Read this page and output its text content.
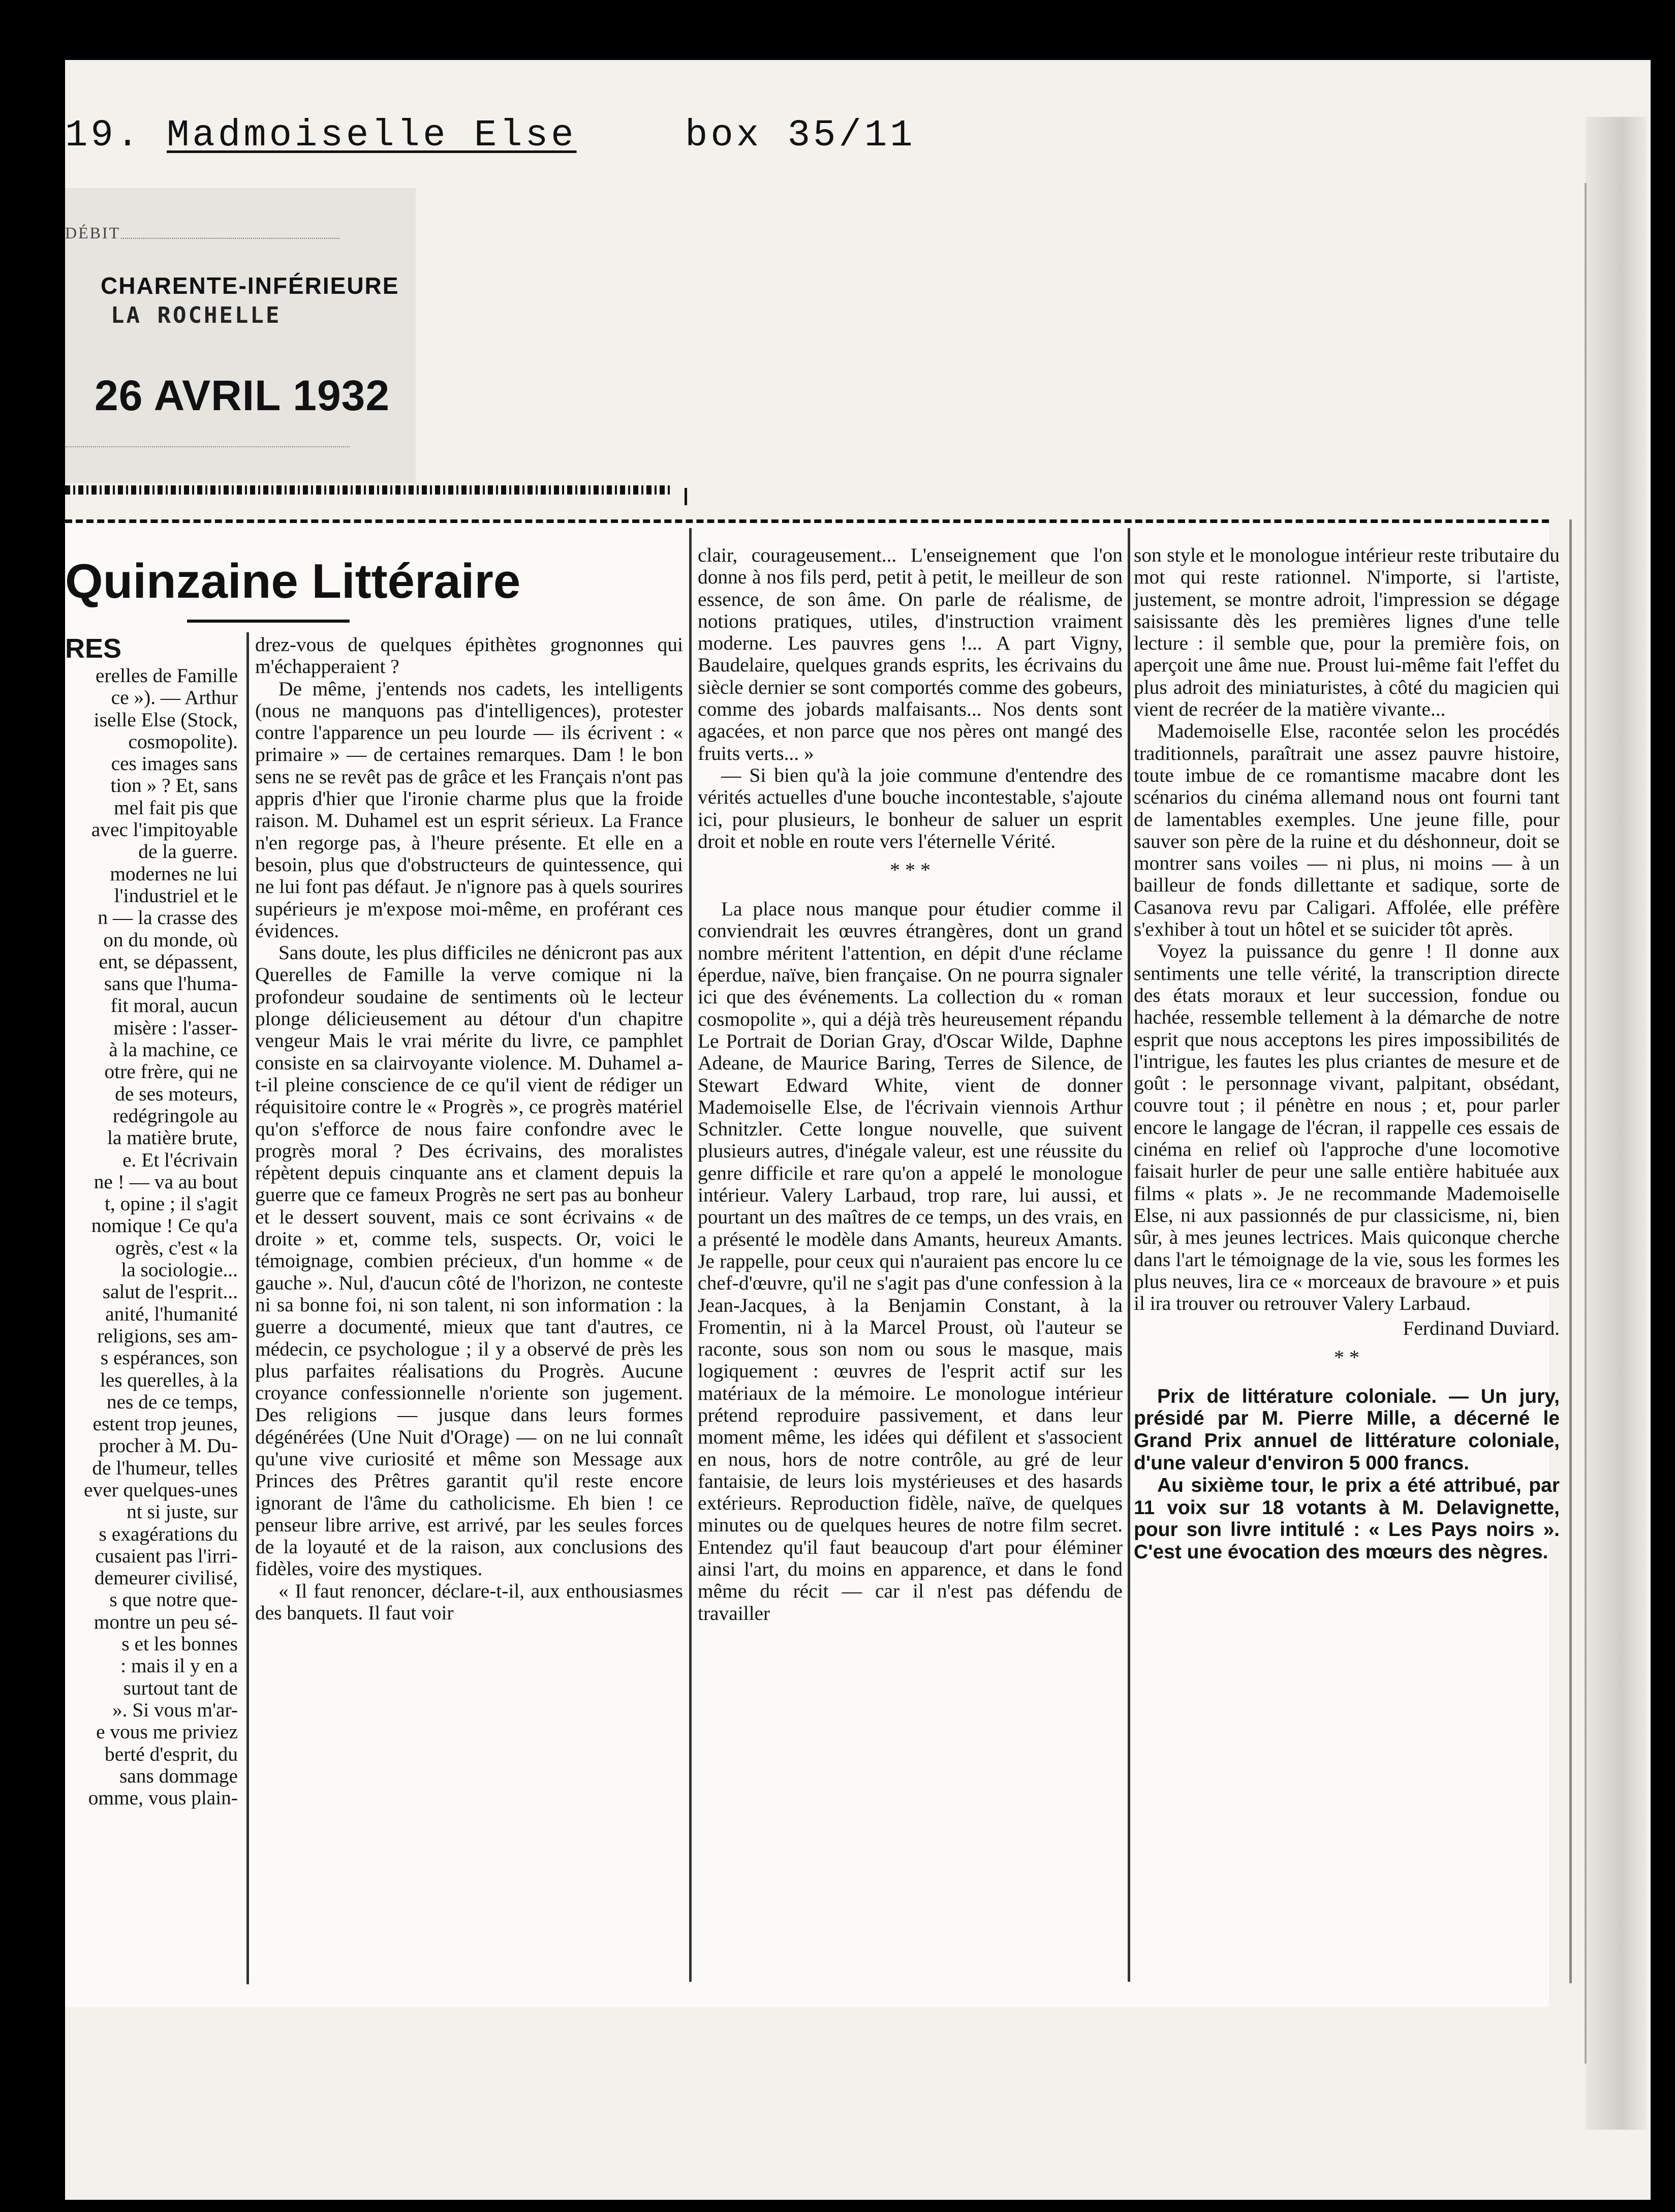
19. Madmoiselle Else	box 35/11
DÉBIT
CHARENTE-INFÉRIEURE
LA ROCHELLE
26 AVRIL 1932
Quinzaine Littéraire
RES
erelles de Famille
ce »). — Arthur
iselle Else (Stock,
cosmopolite).
ces images sans
tion » ? Et, sans
mel fait pis que
avec l'impitoyable
de la guerre.
modernes ne lui
l'industriel et le
n — la crasse des
on du monde, où
ent, se dépassent,
sans que l'huma-
fit moral, aucun
misère : l'asser-
à la machine, ce
otre frère, qui ne
de ses moteurs,
redégringole au
la matière brute,
e. Et l'écrivain
ne ! — va au bout
t, opine ; il s'agit
nomique ! Ce qu'a
ogrès, c'est « la
la sociologie...
salut de l'esprit...
anité, l'humanité
religions, ses am-
s espérances, son
les querelles, à la
nes de ce temps,
estent trop jeunes,
procher à M. Du-
de l'humeur, telles
ever quelques-unes
nt si juste, sur
s exagérations du
cusaient pas l'irri-
demeurer civilisé,
s que notre que-
montre un peu sé-
s et les bonnes
: mais il y en a
surtout tant de
». Si vous m'ar-
e vous me priviez
berté d'esprit, du
sans dommage
omme, vous plain-

drez-vous de quelques épithètes grognonnes qui m'échapperaient ?

De même, j'entends nos cadets, les intelligents (nous ne manquons pas d'intelligences), protester contre l'apparence un peu lourde — ils écrivent : « primaire » — de certaines remarques. Dam ! le bon sens ne se revêt pas de grâce et les Français n'ont pas appris d'hier que l'ironie charme plus que la froide raison. M. Duhamel est un esprit sérieux. La France n'en regorge pas, à l'heure présente. Et elle en a besoin, plus que d'obstructeurs de quintessence, qui ne lui font pas défaut. Je n'ignore pas à quels sourires supérieurs je m'expose moi-même, en proférant ces évidences.

Sans doute, les plus difficiles ne dénicront pas aux Querelles de Famille la verve comique ni la profondeur soudaine de sentiments où le lecteur plonge délicieusement au détour d'un chapitre vengeur Mais le vrai mérite du livre, ce pamphlet consiste en sa clairvoyante violence. M. Duhamel a-t-il pleine conscience de ce qu'il vient de rédiger un réquisitoire contre le « Progrès », ce progrès matériel qu'on s'efforce de nous faire confondre avec le progrès moral ? Des écrivains, des moralistes répètent depuis cinquante ans et clament depuis la guerre que ce fameux Progrès ne sert pas au bonheur et le dessert souvent, mais ce sont écrivains « de droite » et, comme tels, suspects. Or, voici le témoignage, combien précieux, d'un homme « de gauche ». Nul, d'aucun côté de l'horizon, ne conteste ni sa bonne foi, ni son talent, ni son information : la guerre a documenté, mieux que tant d'autres, ce médecin, ce psychologue ; il y a observé de près les plus parfaites réalisations du Progrès. Aucune croyance confessionnelle n'oriente son jugement. Des religions — jusque dans leurs formes dégénérées (Une Nuit d'Orage) — on ne lui connaît qu'une vive curiosité et même son Message aux Princes des Prêtres garantit qu'il reste encore ignorant de l'âme du catholicisme. Eh bien ! ce penseur libre arrive, est arrivé, par les seules forces de la loyauté et de la raison, aux conclusions des fidèles, voire des mystiques.

« Il faut renoncer, déclare-t-il, aux enthousiasmes des banquets. Il faut voir

clair, courageusement... L'enseignement que l'on donne à nos fils perd, petit à petit, le meilleur de son essence, de son âme. On parle de réalisme, de notions pratiques, utiles, d'instruction vraiment moderne. Les pauvres gens !... A part Vigny, Baudelaire, quelques grands esprits, les écrivains du siècle dernier se sont comportés comme des gobeurs, comme des jobards malfaisants... Nos dents sont agacées, et non parce que nos pères ont mangé des fruits verts... »

— Si bien qu'à la joie commune d'entendre des vérités actuelles d'une bouche incontestable, s'ajoute ici, pour plusieurs, le bonheur de saluer un esprit droit et noble en route vers l'éternelle Vérité.

* * *

La place nous manque pour étudier comme il conviendrait les œuvres étrangères, dont un grand nombre méritent l'attention, en dépit d'une réclame éperdue, naïve, bien française. On ne pourra signaler ici que des événements. La collection du « roman cosmopolite », qui a déjà très heureusement répandu Le Portrait de Dorian Gray, d'Oscar Wilde, Daphne Adeane, de Maurice Baring, Terres de Silence, de Stewart Edward White, vient de donner Mademoiselle Else, de l'écrivain viennois Arthur Schnitzler. Cette longue nouvelle, que suivent plusieurs autres, d'inégale valeur, est une réussite du genre difficile et rare qu'on a appelé le monologue intérieur. Valery Larbaud, trop rare, lui aussi, et pourtant un des maîtres de ce temps, un des vrais, en a présenté le modèle dans Amants, heureux Amants. Je rappelle, pour ceux qui n'auraient pas encore lu ce chef-d'œuvre, qu'il ne s'agit pas d'une confession à la Jean-Jacques, à la Benjamin Constant, à la Fromentin, ni à la Marcel Proust, où l'auteur se raconte, sous son nom ou sous le masque, mais logiquement : œuvres de l'esprit actif sur les matériaux de la mémoire. Le monologue intérieur prétend reproduire passivement, et dans leur moment même, les idées qui défilent et s'associent en nous, hors de notre contrôle, au gré de leur fantaisie, de leurs lois mystérieuses et des hasards extérieurs. Reproduction fidèle, naïve, de quelques minutes ou de quelques heures de notre film secret. Entendez qu'il faut beaucoup d'art pour éléminer ainsi l'art, du moins en apparence, et dans le fond même du récit — car il n'est pas défendu de travailler

son style et le monologue intérieur reste tributaire du mot qui reste rationnel. N'importe, si l'artiste, justement, se montre adroit, l'impression se dégage saisissante dès les premières lignes d'une telle lecture : il semble que, pour la première fois, on aperçoit une âme nue. Proust lui-même fait l'effet du plus adroit des miniaturistes, à côté du magicien qui vient de recréer de la matière vivante...

Mademoiselle Else, racontée selon les procédés traditionnels, paraîtrait une assez pauvre histoire, toute imbue de ce romantisme macabre dont les scénarios du cinéma allemand nous ont fourni tant de lamentables exemples. Une jeune fille, pour sauver son père de la ruine et du déshonneur, doit se montrer sans voiles — ni plus, ni moins — à un bailleur de fonds dillettante et sadique, sorte de Casanova revu par Caligari. Affolée, elle préfère s'exhiber à tout un hôtel et se suicider tôt après.

Voyez la puissance du genre ! Il donne aux sentiments une telle vérité, la transcription directe des états moraux et leur succession, fondue ou hachée, ressemble tellement à la démarche de notre esprit que nous acceptons les pires impossibilités de l'intrigue, les fautes les plus criantes de mesure et de goût : le personnage vivant, palpitant, obsédant, couvre tout ; il pénètre en nous ; et, pour parler encore le langage de l'écran, il rappelle ces essais de cinéma en relief où l'approche d'une locomotive faisait hurler de peur une salle entière habituée aux films « plats ». Je ne recommande Mademoiselle Else, ni aux passionnés de pur classicisme, ni, bien sûr, à mes jeunes lectrices. Mais quiconque cherche dans l'art le témoignage de la vie, sous les formes les plus neuves, lira ce « morceaux de bravoure » et puis il ira trouver ou retrouver Valery Larbaud.

Ferdinand Duviard.

* *

Prix de littérature coloniale. — Un jury, présidé par M. Pierre Mille, a décerné le Grand Prix annuel de littérature coloniale, d'une valeur d'environ 5 000 francs.

Au sixième tour, le prix a été attribué, par 11 voix sur 18 votants à M. Delavignette, pour son livre intitulé : « Les Pays noirs ». C'est une évocation des mœurs des nègres.
